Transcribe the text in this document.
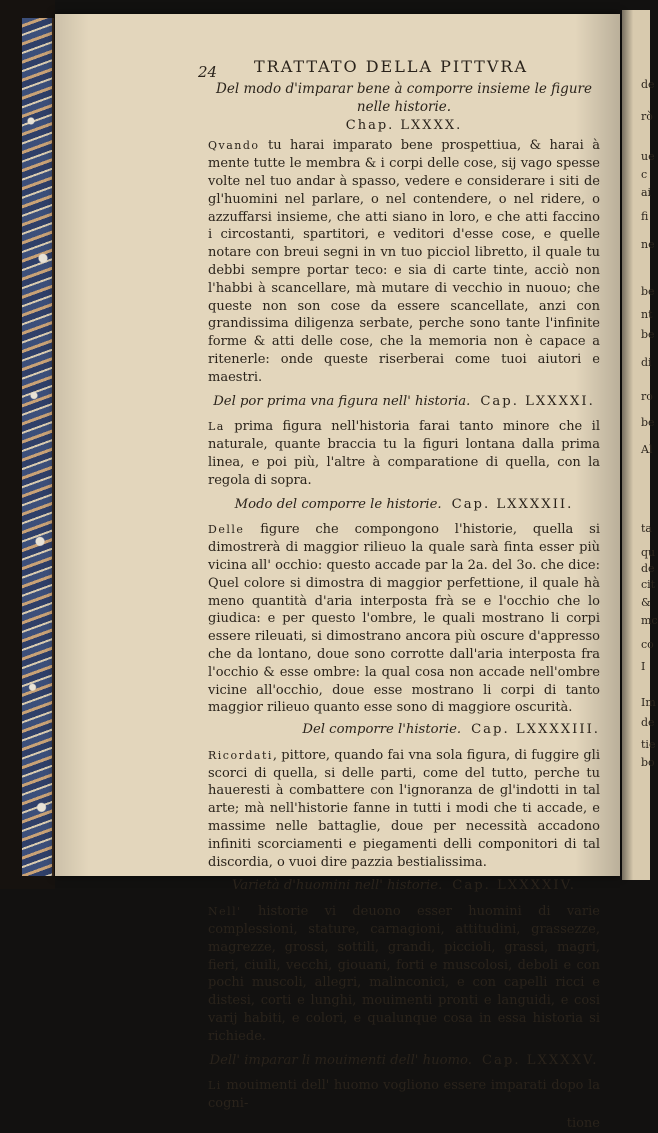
de
rò
ue
c
ai
fi
ne
be
nt
be
di
ro
be
Al
ta
qu
de
cit
&
mc
co
I
Im
de
tie
bo
24 TRATTATO DELLA PITTVRA
Del modo d'imparar bene à comporre insieme le figure nelle historie.
Chap. LXXXX.

Qvando tu harai imparato bene prospettiua, & harai à mente tutte le membra & i corpi delle cose, sij vago spesse volte nel tuo andar à spasso, vedere e considerare i siti de gl'huomini nel parlare, o nel contendere, o nel ridere, o azzuffarsi insieme, che atti siano in loro, e che atti faccino i circostanti, spartitori, e veditori d'esse cose, e quelle notare con breui segni in vn tuo picciol libretto, il quale tu debbi sempre portar teco: e sia di carte tinte, acciò non l'habbi à scancellare, mà mutare di vecchio in nuouo; che queste non son cose da essere scancellate, anzi con grandissima diligenza serbate, perche sono tante l'infinite forme & atti delle cose, che la memoria non è capace a ritenerle: onde queste riserberai come tuoi aiutori e maestri.

Del por prima vna figura nell' historia. Cap. LXXXXI.

La prima figura nell'historia farai tanto minore che il naturale, quante braccia tu la figuri lontana dalla prima linea, e poi più, l'altre à comparatione di quella, con la regola di sopra.

Modo del comporre le historie. Cap. LXXXXII.

Delle figure che compongono l'historie, quella si dimostrerà di maggior rilieuo la quale sarà finta esser più vicina all' occhio: questo accade par la 2a. del 3o. che dice: Quel colore si dimostra di maggior perfettione, il quale hà meno quantità d'aria interposta frà se e l'occhio che lo giudica: e per questo l'ombre, le quali mostrano li corpi essere rileuati, si dimostrano ancora più oscure d'appresso che da lontano, doue sono corrotte dall'aria interposta fra l'occhio & esse ombre: la qual cosa non accade nell'ombre vicine all'occhio, doue esse mostrano li corpi di tanto maggior rilieuo quanto esse sono di maggiore oscurità.

Del comporre l'historie. Cap. LXXXXIII.

Ricordati, pittore, quando fai vna sola figura, di fuggire gli scorci di quella, si delle parti, come del tutto, perche tu haueresti à combattere con l'ignoranza de gl'indotti in tal arte; mà nell'historie fanne in tutti i modi che ti accade, e massime nelle battaglie, doue per necessità accadono infiniti scorciamenti e piegamenti delli componitori di tal discordia, o vuoi dire pazzia bestialissima.

Varietà d'huomini nell' historie. Cap. LXXXXIV.

Nell' historie vi deuono esser huomini di varie complessioni, stature, carnagioni, attitudini, grassezze, magrezze, grossi, sottili, grandi, piccioli, grassi, magri, fieri, ciuili, vecchi, giouani, forti e muscolosi, deboli e con pochi muscoli, allegri, malinconici, e con capelli ricci e distesi, corti e lunghi, mouimenti pronti e languidi, e cosi varij habiti, e colori, e qualunque cosa in essa historia si richiede.

Dell' imparar li mouimenti dell' huomo. Cap. LXXXXV.

Li mouimenti dell' huomo vogliono essere imparati dopo la cogni-

tione
